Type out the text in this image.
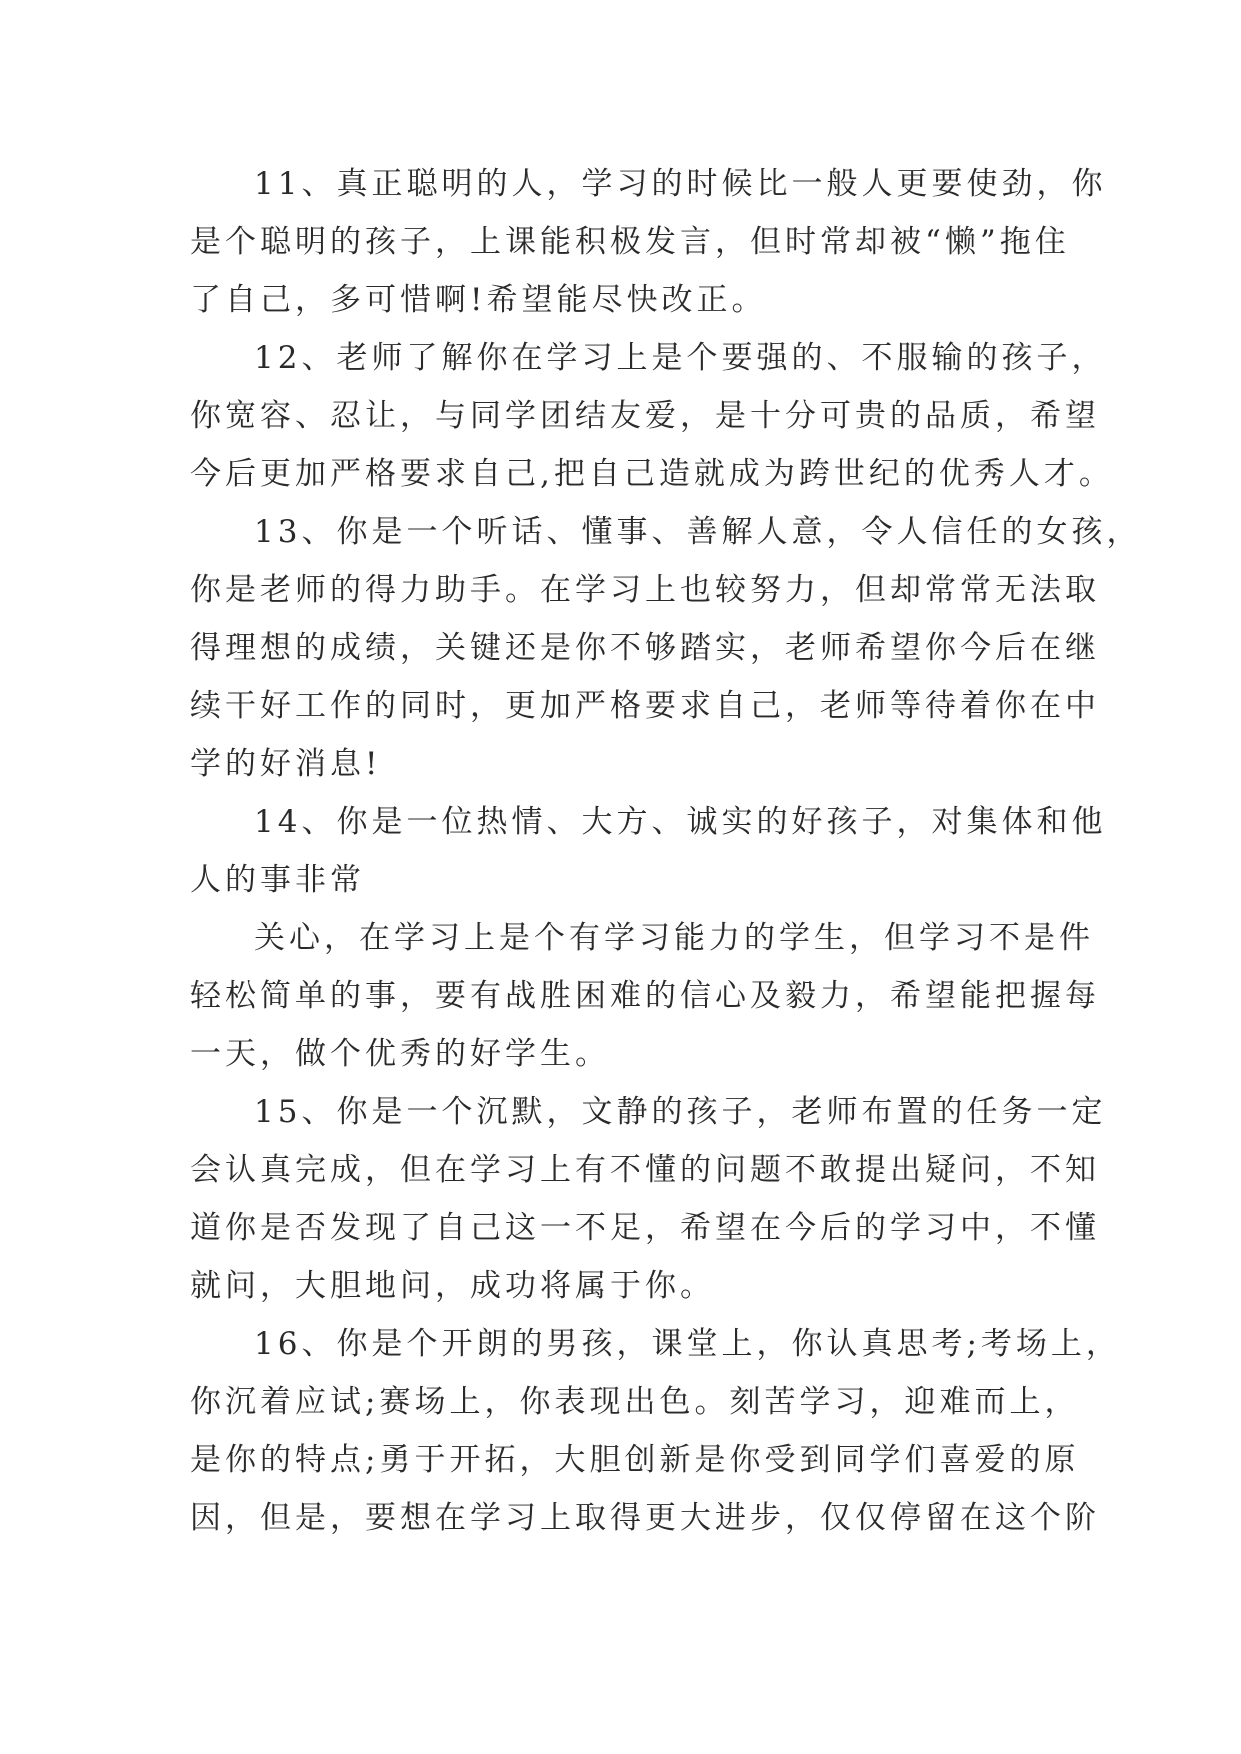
11、真正聪明的人，学习的时候比一般人更要使劲，你
是个聪明的孩子，上课能积极发言，但时常却被“懒”拖住
了自己，多可惜啊!希望能尽快改正。
12、老师了解你在学习上是个要强的、不服输的孩子，
你宽容、忍让，与同学团结友爱，是十分可贵的品质，希望
今后更加严格要求自己,把自己造就成为跨世纪的优秀人才。
13、你是一个听话、懂事、善解人意，令人信任的女孩，
你是老师的得力助手。在学习上也较努力，但却常常无法取
得理想的成绩，关键还是你不够踏实，老师希望你今后在继
续干好工作的同时，更加严格要求自己，老师等待着你在中
学的好消息!
14、你是一位热情、大方、诚实的好孩子，对集体和他
人的事非常
关心，在学习上是个有学习能力的学生，但学习不是件
轻松简单的事，要有战胜困难的信心及毅力，希望能把握每
一天，做个优秀的好学生。
15、你是一个沉默，文静的孩子，老师布置的任务一定
会认真完成，但在学习上有不懂的问题不敢提出疑问，不知
道你是否发现了自己这一不足，希望在今后的学习中，不懂
就问，大胆地问，成功将属于你。
16、你是个开朗的男孩，课堂上，你认真思考;考场上，
你沉着应试;赛场上，你表现出色。刻苦学习，迎难而上，
是你的特点;勇于开拓，大胆创新是你受到同学们喜爱的原
因，但是，要想在学习上取得更大进步，仅仅停留在这个阶
